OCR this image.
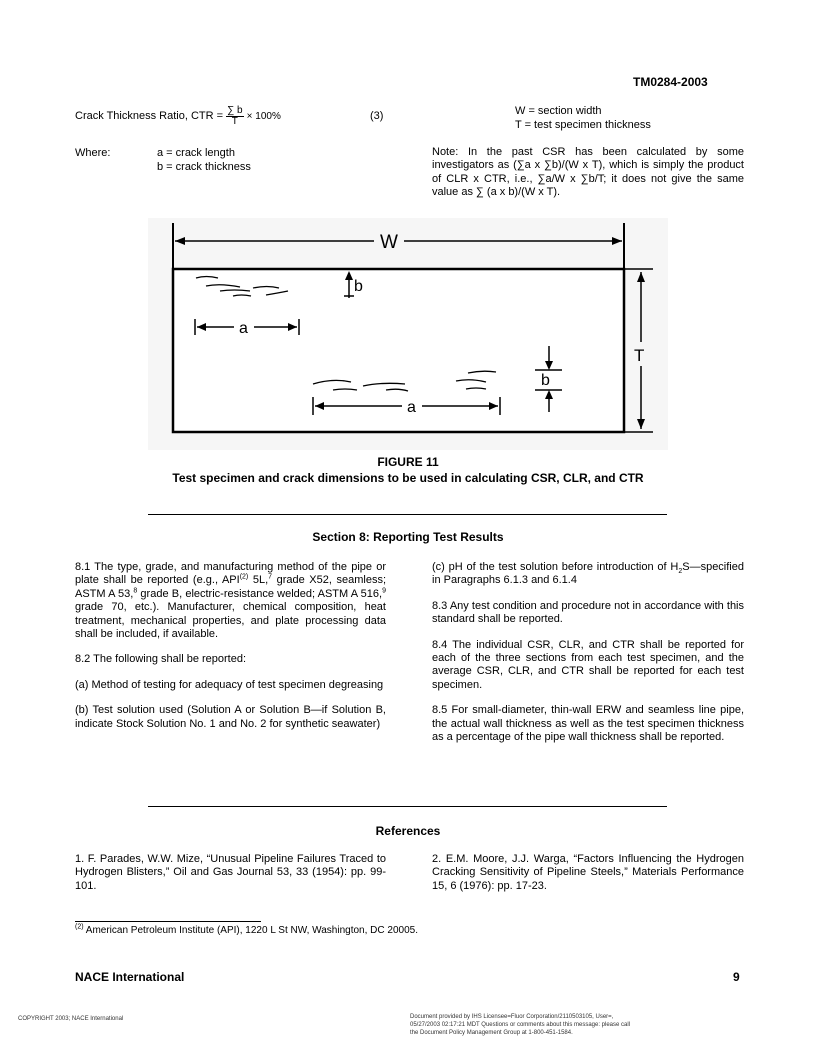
TM0284-2003
Crack Thickness Ratio, CTR = $\frac{\sum b}{T} \times 100\%$	(3)	W = section width
T = test specimen thickness
Where:	a = crack length
b = crack thickness
Note: In the past CSR has been calculated by some investigators as (∑a x ∑b)/(W x T), which is simply the product of CLR x CTR, i.e., ∑a/W x ∑b/T; it does not give the same value as ∑ (a x b)/(W x T).
W
T
b
a
b
a
FIGURE 11
Test specimen and crack dimensions to be used in calculating CSR, CLR, and CTR
Section 8: Reporting Test Results

8.1 The type, grade, and manufacturing method of the pipe or plate shall be reported (e.g., API$^{(2)}$ 5L,$^7$ grade X52, seamless; ASTM A 53,$^8$ grade B, electric-resistance welded; ASTM A 516,$^9$ grade 70, etc.). Manufacturer, chemical composition, heat treatment, mechanical properties, and plate processing data shall be included, if available.

8.2 The following shall be reported:

(a) Method of testing for adequacy of test specimen degreasing

(b) Test solution used (Solution A or Solution B—if Solution B, indicate Stock Solution No. 1 and No. 2 for synthetic seawater)

(c) pH of the test solution before introduction of $H_2S—specified$ in Paragraphs 6.1.3 and 6.1.4

8.3 Any test condition and procedure not in accordance with this standard shall be reported.

8.4 The individual CSR, CLR, and CTR shall be reported for each of the three sections from each test specimen, and the average CSR, CLR, and CTR shall be reported for each test specimen.

8.5 For small-diameter, thin-wall ERW and seamless line pipe, the actual wall thickness as well as the test specimen thickness as a percentage of the pipe wall thickness shall be reported.

References
1. F. Parades, W.W. Mize, “Unusual Pipeline Failures Traced to Hydrogen Blisters,” Oil and Gas Journal 53, 33 (1954): pp. 99-101.
2. E.M. Moore, J.J. Warga, “Factors Influencing the Hydrogen Cracking Sensitivity of Pipeline Steels,” Materials Performance 15, 6 (1976): pp. 17-23.
$^{(2)}$ American Petroleum Institute (API), 1220 L St NW, Washington, DC 20005.
NACE International	9
COPYRIGHT 2003; NACE International	Document provided by IHS Licensee=Fluor Corporation/2110503105, User=,
05/27/2003 02:17:21 MDT Questions or comments about this message: please call
the Document Policy Management Group at 1-800-451-1584.
